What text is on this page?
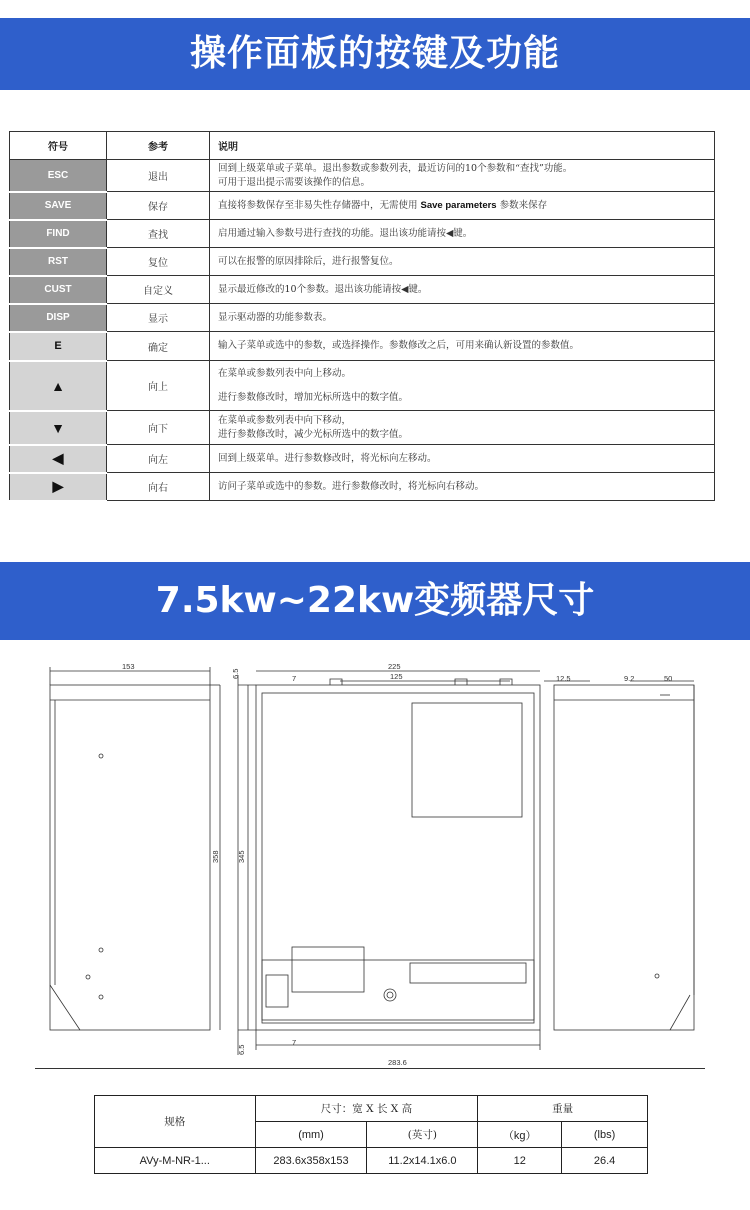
操作面板的按键及功能
符号	参考	说明
ESC	退出	回到上级菜单或子菜单。退出参数或参数列表，最近访问的10个参数和“查找”功能。
可用于退出提示需要该操作的信息。

SAVE	保存	直接将参数保存至非易失性存储器中，无需使用 Save parameters 参数来保存
FIND	查找	启用通过输入参数号进行查找的功能。退出该功能请按◀键。
RST	复位	可以在报警的原因排除后，进行报警复位。
CUST	自定义	显示最近修改的10个参数。退出该功能请按◀键。
DISP	显示	显示驱动器的功能参数表。
E	确定	输入子菜单或选中的参数，或选择操作。参数修改之后，可用来确认新设置的参数值。
▲	向上	在菜单或参数列表中向上移动。
进行参数修改时，增加光标所选中的数字值。

▼	向下	在菜单或参数列表中向下移动，
进行参数修改时，减少光标所选中的数字值。

◀	向左	回到上级菜单。进行参数修改时，将光标向左移动。
▶	向右	访问子菜单或选中的参数。进行参数修改时，将光标向右移动。
7.5kw~22kw变频器尺寸
153
6.5	7
225
125
358 345
6.5
7
283.6
12.5	9.2	50
规格	尺寸：宽 X 长 X 高		重量	
	(mm)	(英寸)	（kg）	(lbs)
AVy-M-NR-1...	283.6x358x153	11.2x14.1x6.0	12	26.4
